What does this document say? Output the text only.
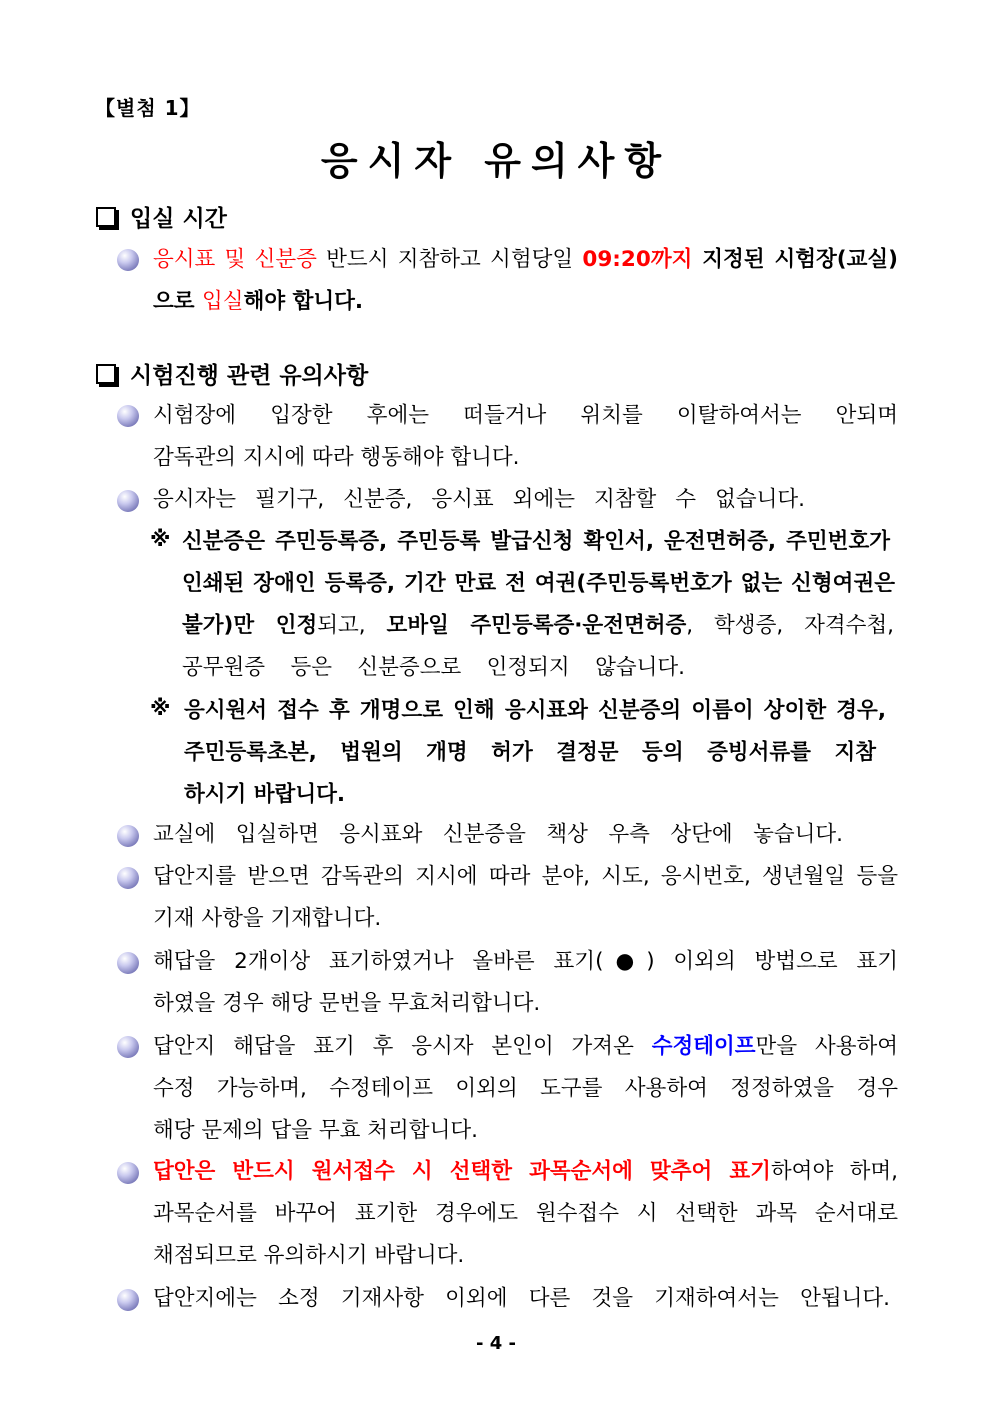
【별첨 1】
응시자 유의사항
입실 시간
응시표 및 신분증 반드시 지참하고 시험당일 09:20까지 지정된 시험장(교실)
으로 입실해야 합니다.
시험진행 관련 유의사항
시험장에 입장한 후에는 떠들거나 위치를 이탈하여서는 안되며
감독관의 지시에 따라 행동해야 합니다.
응시자는 필기구, 신분증, 응시표 외에는 지참할 수 없습니다.
※ 신분증은 주민등록증, 주민등록 발급신청 확인서, 운전면허증, 주민번호가
인쇄된 장애인 등록증, 기간 만료 전 여권(주민등록번호가 없는 신형여권은
불가)만 인정되고, 모바일 주민등록증·운전면허증, 학생증, 자격수첩,
공무원증 등은 신분증으로 인정되지 않습니다.
※ 응시원서 접수 후 개명으로 인해 응시표와 신분증의 이름이 상이한 경우,
주민등록초본, 법원의 개명 허가 결정문 등의 증빙서류를 지참
하시기 바랍니다.
교실에 입실하면 응시표와 신분증을 책상 우측 상단에 놓습니다.
답안지를 받으면 감독관의 지시에 따라 분야, 시도, 응시번호, 생년월일 등을
기재 사항을 기재합니다.
해답을 2개이상 표기하였거나 올바른 표기(●) 이외의 방법으로 표기
하였을 경우 해당 문번을 무효처리합니다.
답안지 해답을 표기 후 응시자 본인이 가져온 수정테이프만을 사용하여
수정 가능하며, 수정테이프 이외의 도구를 사용하여 정정하였을 경우
해당 문제의 답을 무효 처리합니다.
답안은 반드시 원서접수 시 선택한 과목순서에 맞추어 표기하여야 하며,
과목순서를 바꾸어 표기한 경우에도 원수접수 시 선택한 과목 순서대로
채점되므로 유의하시기 바랍니다.
답안지에는 소정 기재사항 이외에 다른 것을 기재하여서는 안됩니다.
- 4 -
